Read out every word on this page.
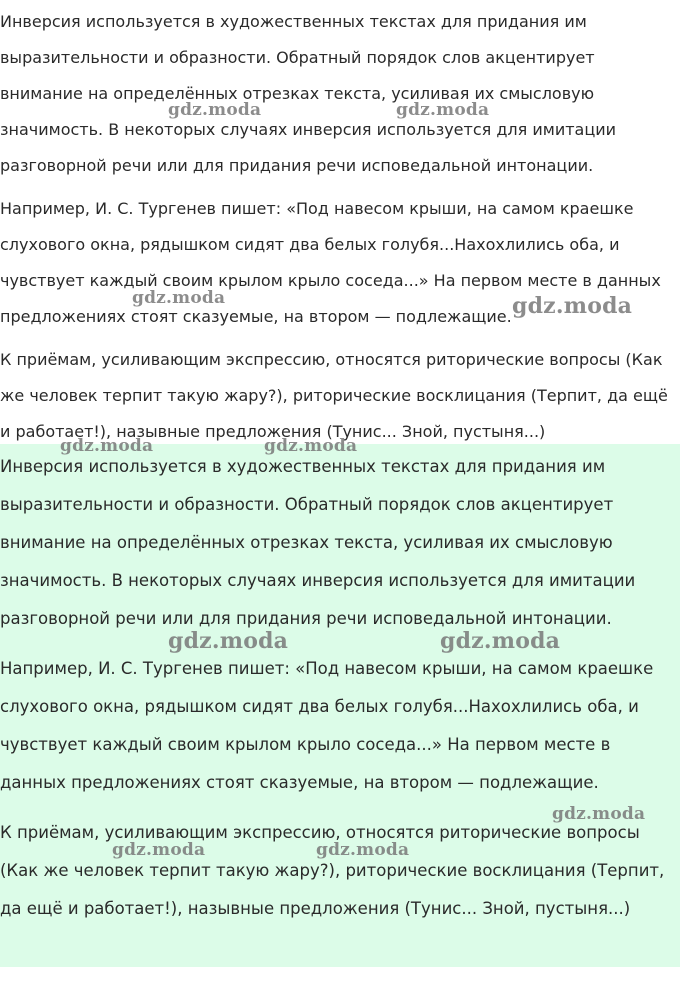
Инверсия используется в художественных текстах для придания им выразительности и образности. Обратный порядок слов акцентирует внимание на определённых отрезках текста, усиливая их смысловую значимость. В некоторых случаях инверсия используется для имитации разговорной речи или для придания речи исповедальной интонации.

Например, И. С. Тургенев пишет: «Под навесом крыши, на самом краешке слухового окна, рядышком сидят два белых голубя...Нахохлились оба, и чувствует каждый своим крылом крыло соседа...» На первом месте в данных предложениях стоят сказуемые, на втором — подлежащие.

К приёмам, усиливающим экспрессию, относятся риторические вопросы (Как же человек терпит такую жару?), риторические восклицания (Терпит, да ещё и работает!), назывные предложения (Тунис... Зной, пустыня...)

Инверсия используется в художественных текстах для придания им выразительности и образности. Обратный порядок слов акцентирует внимание на определённых отрезках текста, усиливая их смысловую значимость. В некоторых случаях инверсия используется для имитации разговорной речи или для придания речи исповедальной интонации.

Например, И. С. Тургенев пишет: «Под навесом крыши, на самом краешке слухового окна, рядышком сидят два белых голубя...Нахохлились оба, и чувствует каждый своим крылом крыло соседа...» На первом месте в данных предложениях стоят сказуемые, на втором — подлежащие.

К приёмам, усиливающим экспрессию, относятся риторические вопросы (Как же человек терпит такую жару?), риторические восклицания (Терпит, да ещё и работает!), назывные предложения (Тунис... Зной, пустыня...)

gdz.moda	gdz.moda
gdz.moda	gdz.moda
gdz.moda	gdz.moda
gdz.moda	gdz.moda
gdz.moda
gdz.moda	gdz.moda
